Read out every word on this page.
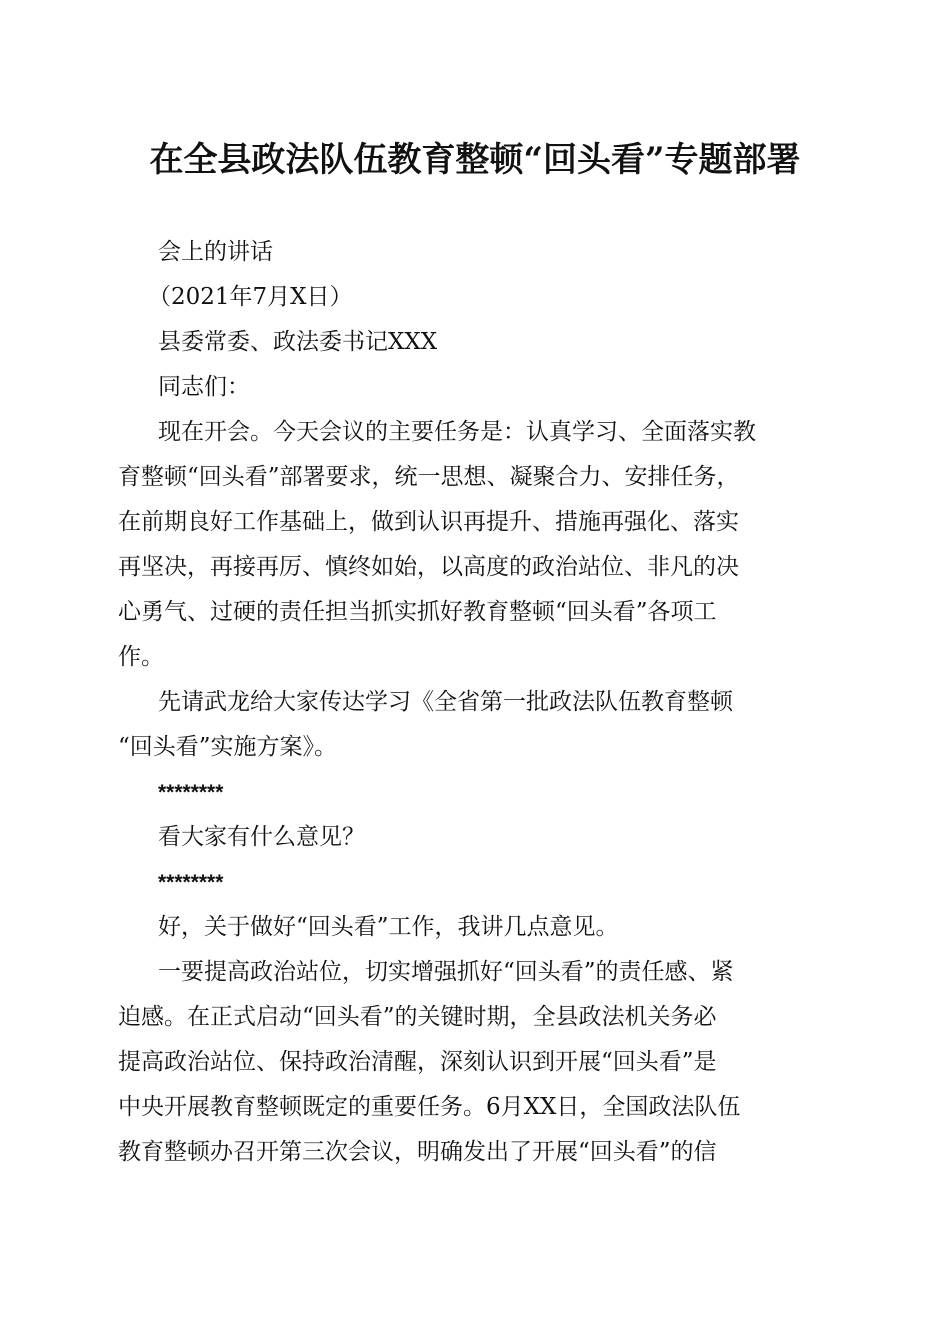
在全县政法队伍教育整顿“回头看”专题部署
会上的讲话
（2021年7月X日）
县委常委、政法委书记XXX
同志们：
现在开会。今天会议的主要任务是：认真学习、全面落实教
育整顿“回头看”部署要求，统一思想、凝聚合力、安排任务，
在前期良好工作基础上，做到认识再提升、措施再强化、落实
再坚决，再接再厉、慎终如始，以高度的政治站位、非凡的决
心勇气、过硬的责任担当抓实抓好教育整顿“回头看”各项工
作。
先请武龙给大家传达学习《全省第一批政法队伍教育整顿
“回头看”实施方案》。
********
看大家有什么意见？
********
好，关于做好“回头看”工作，我讲几点意见。
一要提高政治站位，切实增强抓好“回头看”的责任感、紧
迫感。在正式启动“回头看”的关键时期，全县政法机关务必
提高政治站位、保持政治清醒，深刻认识到开展“回头看”是
中央开展教育整顿既定的重要任务。6月XX日，全国政法队伍
教育整顿办召开第三次会议，明确发出了开展“回头看”的信
